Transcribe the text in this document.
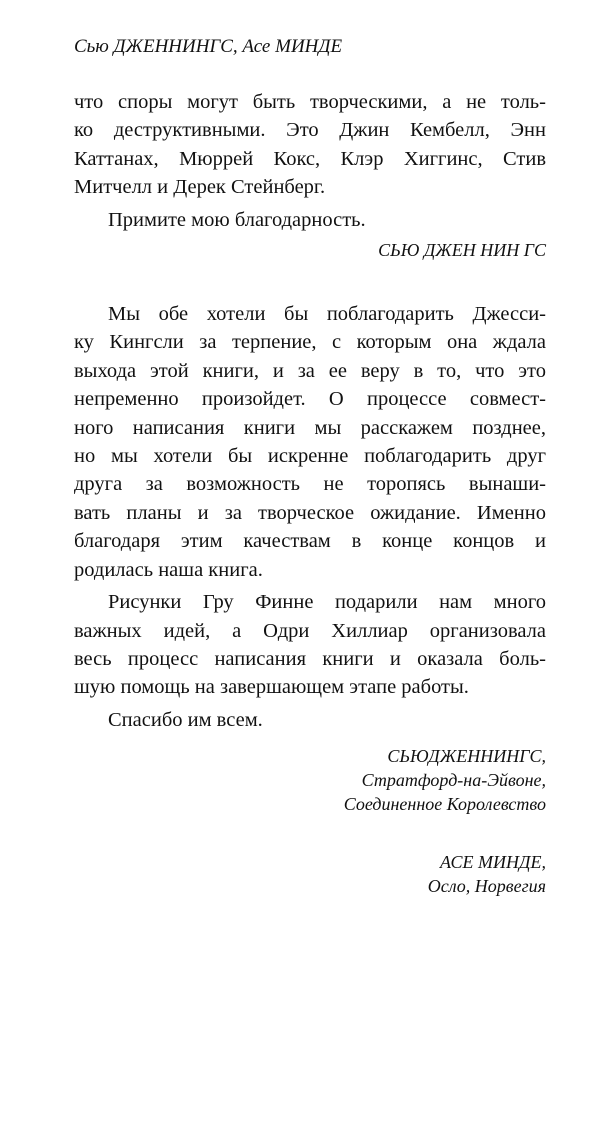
Сью ДЖЕННИНГС, Асе МИНДЕ

что споры могут быть творческими, а не толь-
ко деструктивными. Это Джин Кембелл, Энн
Каттанах, Мюррей Кокс, Клэр Хиггинс, Стив
Митчелл и Дерек Стейнберг.

Примите мою благодарность.

СЬЮ ДЖЕН НИН ГС

Мы обе хотели бы поблагодарить Джесси-
ку Кингсли за терпение, с которым она ждала
выхода этой книги, и за ее веру в то, что это
непременно произойдет. О процессе совмест-
ного написания книги мы расскажем позднее,
но мы хотели бы искренне поблагодарить друг
друга за возможность не торопясь вынаши-
вать планы и за творческое ожидание. Именно
благодаря этим качествам в конце концов и
родилась наша книга.

Рисунки Гру Финне подарили нам много
важных идей, а Одри Хиллиар организовала
весь процесс написания книги и оказала боль-
шую помощь на завершающем этапе работы.

Спасибо им всем.

СЬЮДЖЕННИНГС,
Стратфорд-на-Эйвоне,
Соединенное Королевство
АСЕ МИНДЕ,
Осло, Норвегия
